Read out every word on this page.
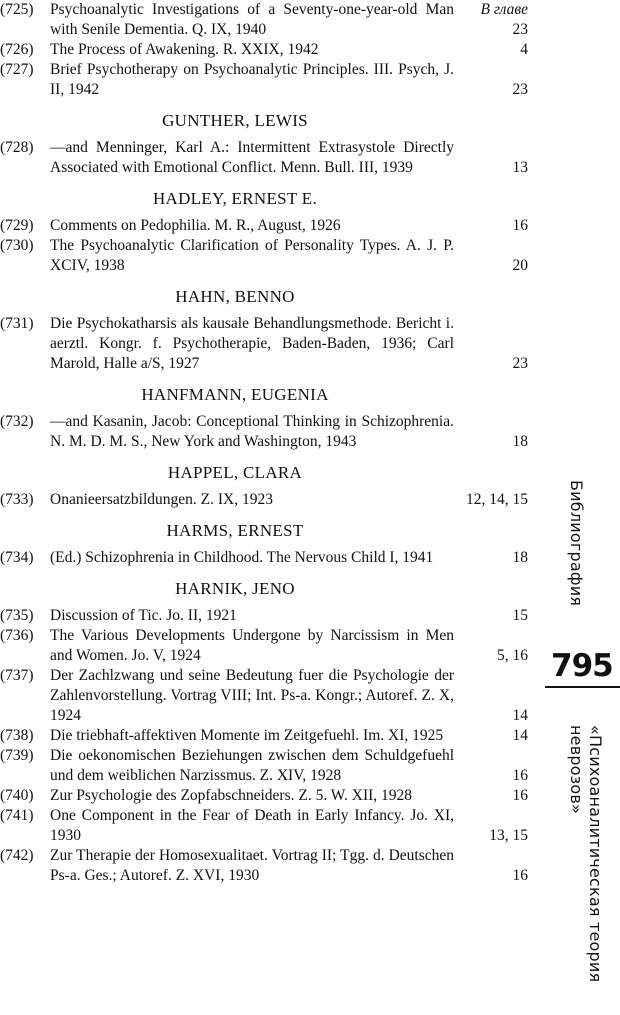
(725) Psychoanalytic Investigations of a Seventy-one-year-old Man with Senile Dementia. Q. IX, 1940	23
В главе
(726) The Process of Awakening. R. XXIX, 1942	4
(727) Brief Psychotherapy on Psychoanalytic Principles. III. Psych, J. II, 1942	23
GUNTHER, LEWIS
(728) —and Menninger, Karl A.: Intermittent Extrasystole Directly Associated with Emotional Conflict. Menn. Bull. III, 1939	13
HADLEY, ERNEST E.
(729) Comments on Pedophilia. M. R., August, 1926	16
(730) The Psychoanalytic Clarification of Personality Types. A. J. P. XCIV, 1938	20
HAHN, BENNO
(731) Die Psychokatharsis als kausale Behandlungsmethode. Bericht i. aerztl. Kongr. f. Psychotherapie, Baden-Baden, 1936; Carl Marold, Halle a/S, 1927	23
HANFMANN, EUGENIA
(732) —and Kasanin, Jacob: Conceptional Thinking in Schizophrenia. N. M. D. M. S., New York and Washington, 1943	18
HAPPEL, CLARA
(733) Onanieersatzbildungen. Z. IX, 1923	12, 14, 15
HARMS, ERNEST
(734) (Ed.) Schizophrenia in Childhood. The Nervous Child I, 1941	18
HARNIK, JENO
(735) Discussion of Tic. Jo. II, 1921	15
(736) The Various Developments Undergone by Narcissism in Men and Women. Jo. V, 1924	5, 16
(737) Der Zachlzwang und seine Bedeutung fuer die Psychologie der Zahlenvorstellung. Vortrag VIII; Int. Ps-a. Kongr.; Autoref. Z. X, 1924	14
(738) Die triebhaft-affektiven Momente im Zeitgefuehl. Im. XI, 1925	14
(739) Die oekonomischen Beziehungen zwischen dem Schuldgefuehl und dem weiblichen Narzissmus. Z. XIV, 1928	16
(740) Zur Psychologie des Zopfabschneiders. Z. 5. W. XII, 1928	16
(741) One Component in the Fear of Death in Early Infancy. Jo. XI, 1930	13, 15
(742) Zur Therapie der Homosexualitaet. Vortrag II; Tgg. d. Deutschen Ps-a. Ges.; Autoref. Z. XVI, 1930	16
Библиография
795
«Психоаналитическая теория неврозов»
